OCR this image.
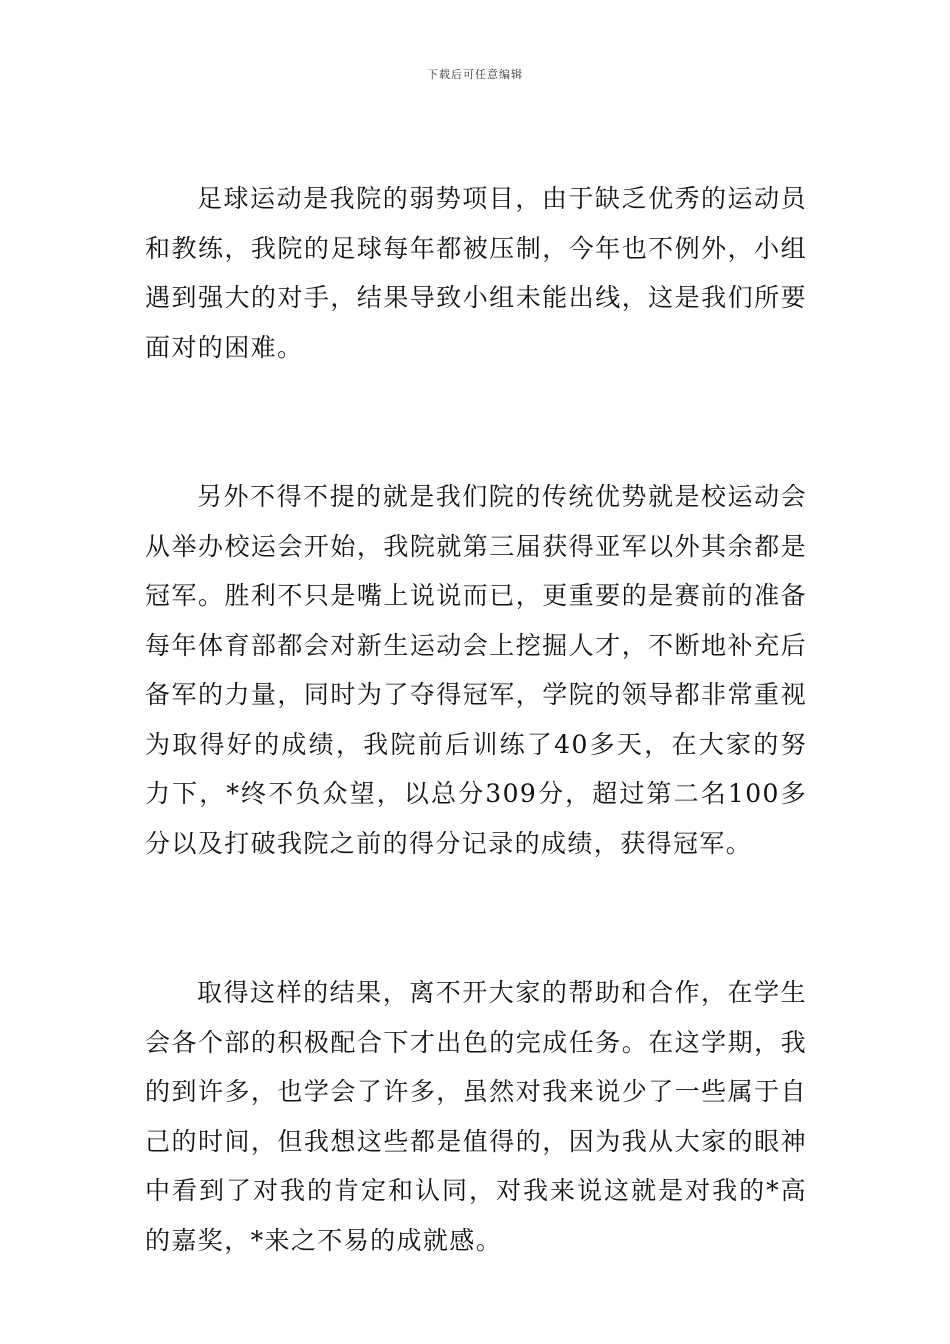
下载后可任意编辑

足球运动是我院的弱势项目，由于缺乏优秀的运动员和教练，我院的足球每年都被压制，今年也不例外，小组遇到强大的对手，结果导致小组未能出线，这是我们所要面对的困难。

另外不得不提的就是我们院的传统优势就是校运动会从举办校运会开始，我院就第三届获得亚军以外其余都是冠军。胜利不只是嘴上说说而已，更重要的是赛前的准备每年体育部都会对新生运动会上挖掘人才，不断地补充后备军的力量，同时为了夺得冠军，学院的领导都非常重视为取得好的成绩，我院前后训练了40多天，在大家的努力下，*终不负众望，以总分309分，超过第二名100多分以及打破我院之前的得分记录的成绩，获得冠军。

取得这样的结果，离不开大家的帮助和合作，在学生会各个部的积极配合下才出色的完成任务。在这学期，我的到许多，也学会了许多，虽然对我来说少了一些属于自己的时间，但我想这些都是值得的，因为我从大家的眼神中看到了对我的肯定和认同，对我来说这就是对我的*高的嘉奖，*来之不易的成就感。
